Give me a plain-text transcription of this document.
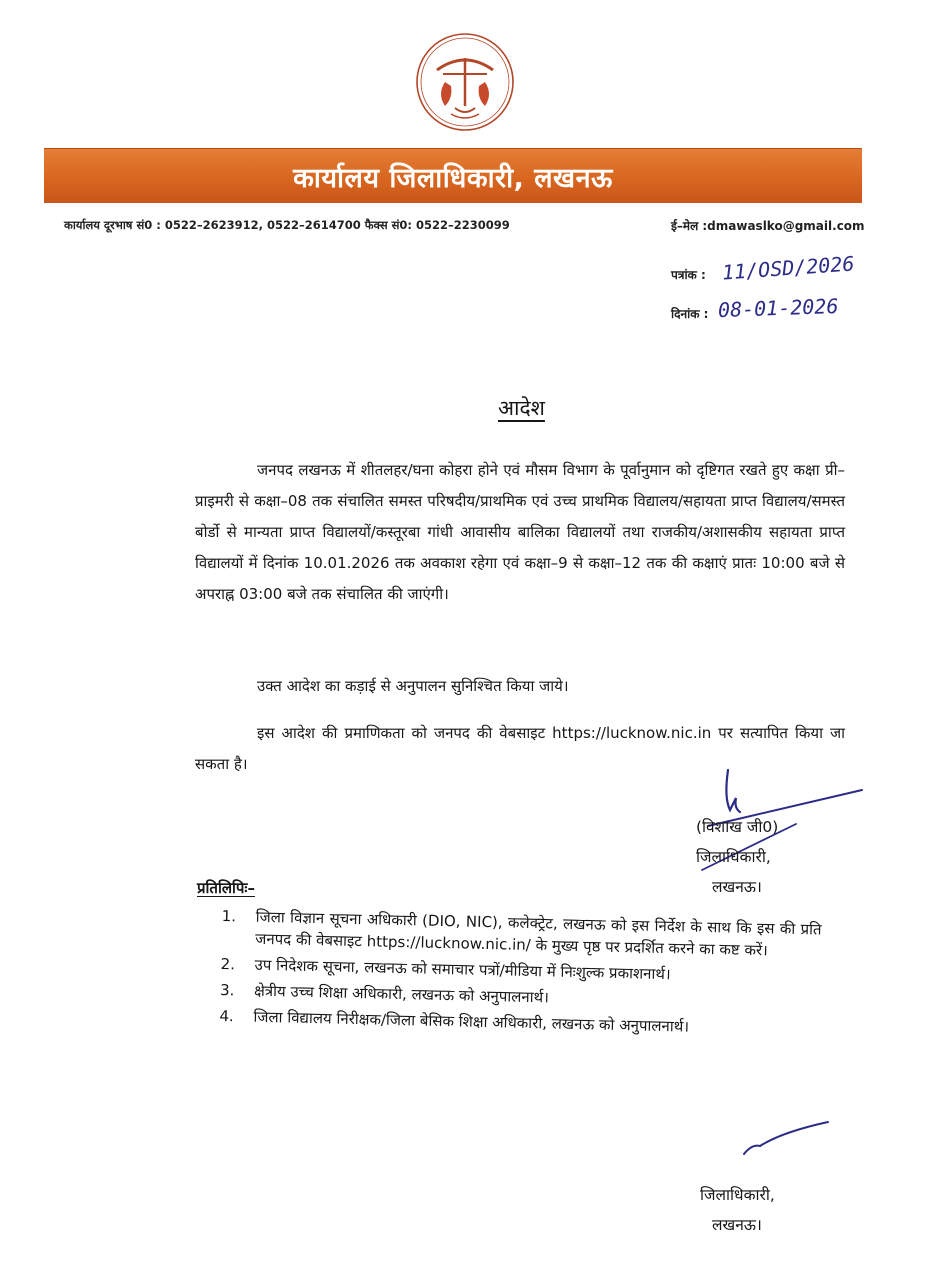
कार्यालय जिलाधिकारी, लखनऊ
कार्यालय दूरभाष सं0 : 0522–2623912, 0522–2614700 फैक्स सं0: 0522–2230099	ई–मेल :dmawaslko@gmail.com
पत्रांक : 11/OSD/2026
दिनांक : 08-01-2026
आदेश
जनपद लखनऊ में शीतलहर/घना कोहरा होने एवं मौसम विभाग के पूर्वानुमान को दृष्टिगत रखते हुए कक्षा प्री–प्राइमरी से कक्षा–08 तक संचालित समस्त परिषदीय/प्राथमिक एवं उच्च प्राथमिक विद्यालय/सहायता प्राप्त विद्यालय/समस्त बोर्डो से मान्यता प्राप्त विद्यालयों/कस्तूरबा गांधी आवासीय बालिका विद्यालयों तथा राजकीय/अशासकीय सहायता प्राप्त विद्यालयों में दिनांक 10.01.2026 तक अवकाश रहेगा एवं कक्षा–9 से कक्षा–12 तक की कक्षाएं प्रातः 10:00 बजे से अपराह्न 03:00 बजे तक संचालित की जाएंगी।
उक्त आदेश का कड़ाई से अनुपालन सुनिश्चित किया जाये।
इस आदेश की प्रमाणिकता को जनपद की वेबसाइट https://lucknow.nic.in पर सत्यापित किया जा सकता है।
(विशाख जी0)
जिलाधिकारी,
लखनऊ।
प्रतिलिपिः–
1. जिला विज्ञान सूचना अधिकारी (DIO, NIC), कलेक्ट्रेट, लखनऊ को इस निर्देश के साथ कि इस की प्रति जनपद की वेबसाइट https://lucknow.nic.in/ के मुख्य पृष्ठ पर प्रदर्शित करने का कष्ट करें।
2. उप निदेशक सूचना, लखनऊ को समाचार पत्रों/मीडिया में निःशुल्क प्रकाशनार्थ।
3. क्षेत्रीय उच्च शिक्षा अधिकारी, लखनऊ को अनुपालनार्थ।
4. जिला विद्यालय निरीक्षक/जिला बेसिक शिक्षा अधिकारी, लखनऊ को अनुपालनार्थ।
जिलाधिकारी,
लखनऊ।
